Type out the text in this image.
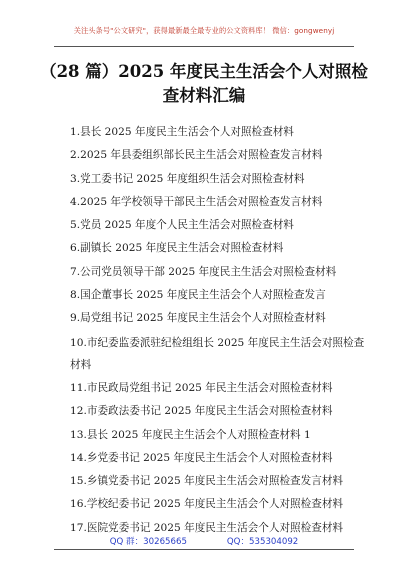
关注头条号"公文研究"，获得最新最全最专业的公文资料库！ 微信：gongwenyj
（28 篇）2025 年度民主生活会个人对照检查材料汇编
1.县长 2025 年度民主生活会个人对照检查材料
2.2025 年县委组织部长民主生活会对照检查发言材料
3.党工委书记 2025 年度组织生活会对照检查材料
4.2025 年学校领导干部民主生活会对照检查发言材料
5.党员 2025 年度个人民主生活会对照检查材料
6.副镇长 2025 年度民主生活会对照检查材料
7.公司党员领导干部 2025 年度民主生活会对照检查材料
8.国企董事长 2025 年度民主生活会个人对照检查发言
9.局党组书记 2025 年度民主生活会个人对照检查材料
10.市纪委监委派驻纪检组组长 2025 年度民主生活会对照检查材料
11.市民政局党组书记 2025 年民主生活会对照检查材料
12.市委政法委书记 2025 年度民主生活会对照检查材料
13.县长 2025 年度民主生活会个人对照检查材料 1
14.乡党委书记 2025 年度民主生活会个人对照检查材料
15.乡镇党委书记 2025 年度民主生活会对照检查发言材料
16.学校纪委书记 2025 年度民主生活会个人对照检查材料
17.医院党委书记 2025 年度民主生活会个人对照检查材料
QQ 群：30265665	QQ：535304092
